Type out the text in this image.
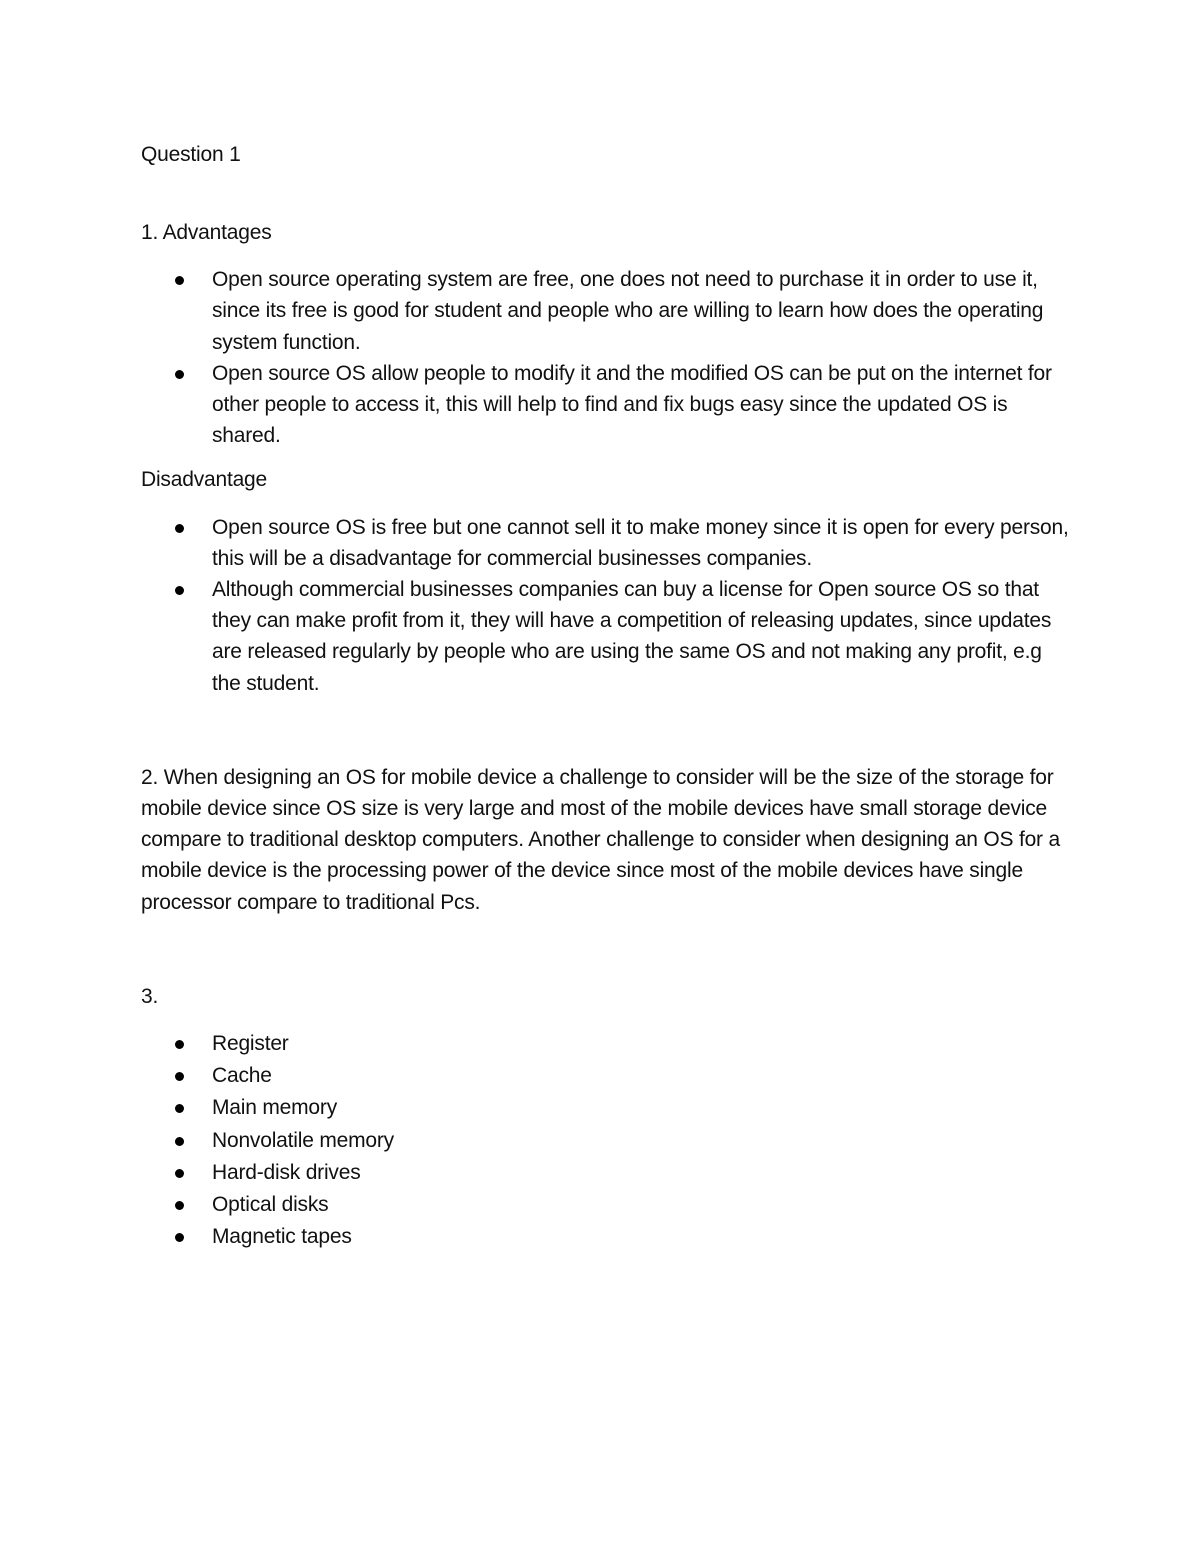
Question 1
1. Advantages
Open source operating system are free, one does not need to purchase it in order to use it, since its free is good for student and people who are willing to learn how does the operating system function.
Open source OS allow people to modify it and the modified OS can be put on the internet for other people to access it, this will help to find and fix bugs easy since the updated OS is shared.
Disadvantage
Open source OS is free but one cannot sell it to make money since it is open for every person, this will be a disadvantage for commercial businesses companies.
Although commercial businesses companies can buy a license for Open source OS so that they can make profit from it, they will have a competition of releasing updates, since updates are released regularly by people who are using the same OS and not making any profit, e.g the student.
2. When designing an OS for mobile device a challenge to consider will be the size of the storage for mobile device since OS size is very large and most of the mobile devices have small storage device compare to traditional desktop computers. Another challenge to consider when designing an OS for a mobile device is the processing power of the device since most of the mobile devices have single processor compare to traditional Pcs.
3.
Register
Cache
Main memory
Nonvolatile memory
Hard-disk drives
Optical disks
Magnetic tapes
